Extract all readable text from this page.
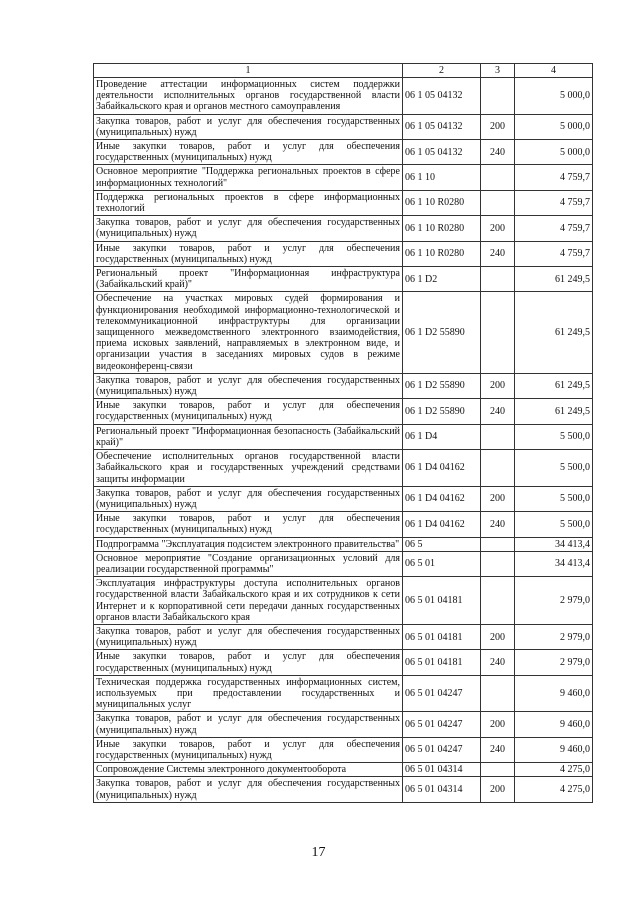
1	2	3	4
Проведение аттестации информационных систем поддержки деятельности исполнительных органов государственной власти Забайкальского края и органов местного самоуправления	06 1 05 04132		5 000,0
Закупка товаров, работ и услуг для обеспечения государственных (муниципальных) нужд	06 1 05 04132	200	5 000,0
Иные закупки товаров, работ и услуг для обеспечения государственных (муниципальных) нужд	06 1 05 04132	240	5 000,0
Основное мероприятие "Поддержка региональных проектов в сфере информационных технологий"	06 1 10		4 759,7
Поддержка региональных проектов в сфере информационных технологий	06 1 10 R0280		4 759,7
Закупка товаров, работ и услуг для обеспечения государственных (муниципальных) нужд	06 1 10 R0280	200	4 759,7
Иные закупки товаров, работ и услуг для обеспечения государственных (муниципальных) нужд	06 1 10 R0280	240	4 759,7
Региональный проект "Информационная инфраструктура (Забайкальский край)"	06 1 D2		61 249,5
Обеспечение на участках мировых судей формирования и функционирования необходимой информационно-технологической и телекоммуникационной инфраструктуры для организации защищенного межведомственного электронного взаимодействия, приема исковых заявлений, направляемых в электронном виде, и организации участия в заседаниях мировых судов в режиме видеоконференц-связи	06 1 D2 55890		61 249,5
Закупка товаров, работ и услуг для обеспечения государственных (муниципальных) нужд	06 1 D2 55890	200	61 249,5
Иные закупки товаров, работ и услуг для обеспечения государственных (муниципальных) нужд	06 1 D2 55890	240	61 249,5
Региональный проект "Информационная безопасность (Забайкальский край)"	06 1 D4		5 500,0
Обеспечение исполнительных органов государственной власти Забайкальского края и государственных учреждений средствами защиты информации	06 1 D4 04162		5 500,0
Закупка товаров, работ и услуг для обеспечения государственных (муниципальных) нужд	06 1 D4 04162	200	5 500,0
Иные закупки товаров, работ и услуг для обеспечения государственных (муниципальных) нужд	06 1 D4 04162	240	5 500,0
Подпрограмма "Эксплуатация подсистем электронного правительства"	06 5		34 413,4
Основное мероприятие "Создание организационных условий для реализации государственной программы"	06 5 01		34 413,4
Эксплуатация инфраструктуры доступа исполнительных органов государственной власти Забайкальского края и их сотрудников к сети Интернет и к корпоративной сети передачи данных государственных органов власти Забайкальского края	06 5 01 04181		2 979,0
Закупка товаров, работ и услуг для обеспечения государственных (муниципальных) нужд	06 5 01 04181	200	2 979,0
Иные закупки товаров, работ и услуг для обеспечения государственных (муниципальных) нужд	06 5 01 04181	240	2 979,0
Техническая поддержка государственных информационных систем, используемых при предоставлении государственных и муниципальных услуг	06 5 01 04247		9 460,0
Закупка товаров, работ и услуг для обеспечения государственных (муниципальных) нужд	06 5 01 04247	200	9 460,0
Иные закупки товаров, работ и услуг для обеспечения государственных (муниципальных) нужд	06 5 01 04247	240	9 460,0
Сопровождение Системы электронного документооборота	06 5 01 04314		4 275,0
Закупка товаров, работ и услуг для обеспечения государственных (муниципальных) нужд	06 5 01 04314	200	4 275,0
17
